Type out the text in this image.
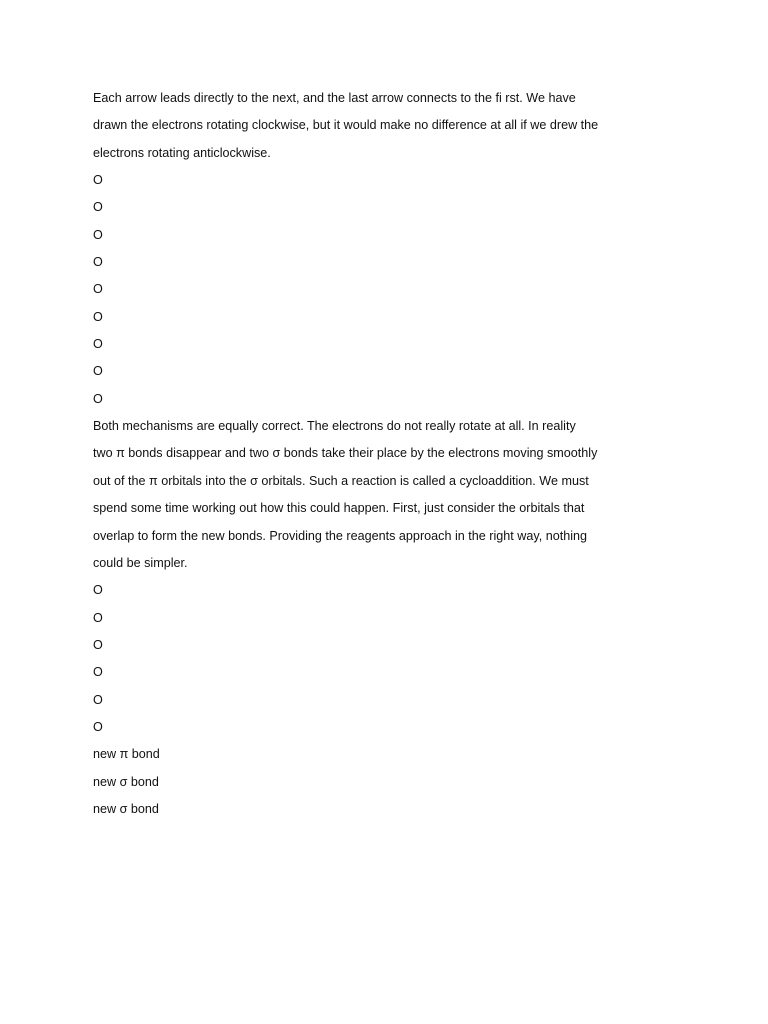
Each arrow leads directly to the next, and the last arrow connects to the fi rst. We have

drawn the electrons rotating clockwise, but it would make no difference at all if we drew the

electrons rotating anticlockwise.

O

O

O

O

O

O

O

O

O

Both mechanisms are equally correct. The electrons do not really rotate at all. In reality

two π bonds disappear and two σ bonds take their place by the electrons moving smoothly

out of the π orbitals into the σ orbitals. Such a reaction is called a cycloaddition. We must

spend some time working out how this could happen. First, just consider the orbitals that

overlap to form the new bonds. Providing the reagents approach in the right way, nothing

could be simpler.

O

O

O

O

O

O

new π bond

new σ bond

new σ bond
